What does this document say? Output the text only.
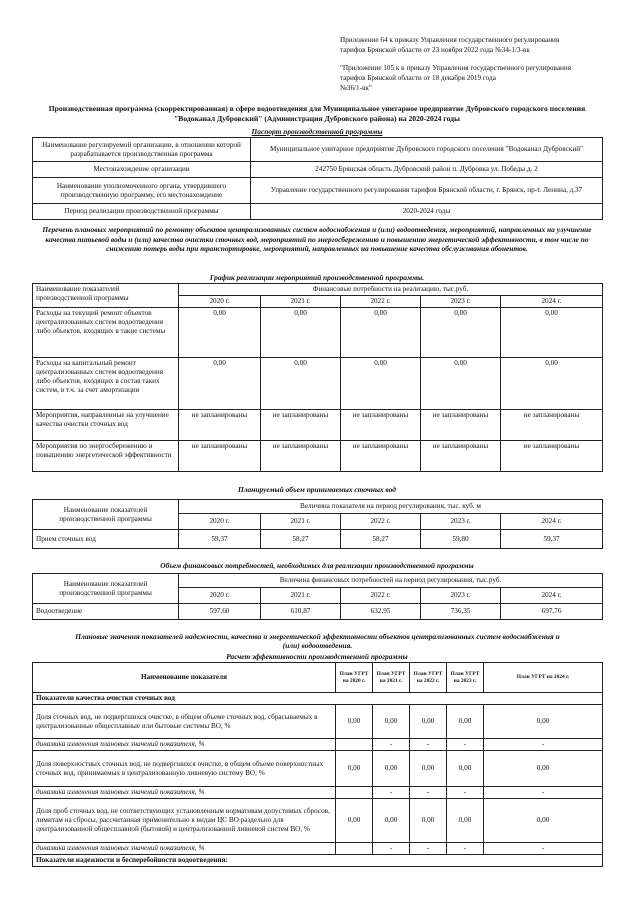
Приложение 64 к приказу Управления государственного регулирования
тарифов Брянской области от 23 ноября 2022 года №34-1/3-вк
"Приложение 105 к к приказу Управления государственного регулирования
тарифов Брянской области от 18 декабря 2019 года
№36/1-вк"
Производственная программа (скорректированная) в сфере водоотведения для Муниципальное унитарное предприятие Дубровского городского поселения "Водоканал Дубровский" (Администрация Дубровского района) на 2020-2024 годы
Паспорт производственной программы
Наименование регулируемой организации, в отношении которой разрабатывается производственная программа	Муниципальное унитарное предприятие Дубровского городского поселения "Водоканал Дубровский"
Местонахождение организации	242750 Брянская область Дубровский район п. Дубровка ул. Победы д. 2
Наименование уполномоченного органа, утвердившего производственную программу, его местонахождение	Управление государственного регулирования тарифов Брянской области, г. Брянск, пр-т. Ленина, д.37
Период реализации производственной программы	2020-2024 годы
Перечень плановых мероприятий по ремонту объектов централизованных систем водоснабжения и (или) водоотведения, мероприятий, направленных на улучшение качества питьевой воды и (или) качества очистки сточных вод, мероприятий по энергосбережению и повышению энергетической эффективности, в том числе по снижению потерь воды при транспортировке, мероприятий, направленных на повышение качества обслуживания абонентов.
График реализации мероприятий производственной программы.
Наименование показателей производственной программы	Финансовые потребности на реализацию, тыс.руб.				
	2020 г.	2021 г.	2022 г.	2023 г.	2024 г.
Расходы на текущий ремонт объектов централизованных систем водоотведения либо объектов, входящих в такие системы	0,00	0,00	0,00	0,00	0,00
Расходы на капитальный ремонт централизованных систем водоотведения либо объектов, входящих в состав таких систем, в т.ч. за счет амортизации	0,00	0,00	0,00	0,00	0,00
Мероприятия, направленные на улучшение качества очистки сточных вод	не запланированы	не запланированы	не запланированы	не запланированы	не запланированы
Мероприятия по энергосбережению и повышению энергетической эффективности	не запланированы	не запланированы	не запланированы	не запланированы	не запланированы
Планируемый объем принимаемых сточных вод
Наименование показателей производственной программы	Величина показателя на период регулирования, тыс. куб. м				
	2020 г.	2021 г.	2022 г.	2023 г.	2024 г.
Прием сточных вод	59,37	58,27	58,27	59,80	59,37
Объем финансовых потребностей, необходимых для реализации производственной программы
Наименование показателей производственной программы	Величина финансовых потребностей на период регулирования, тыс.руб.				
	2020 г.	2021 г.	2022 г.	2023 г.	2024 г.
Водоотведение	597,60	610,87	632,95	736,35	697,76
Плановые значения показателей надежности, качества и энергетической эффективности объектов централизованных систем водоснабжения и (или) водоотведения.
Расчет эффективности производственной программы
Наименование показателя	План УГРТ на 2020 г.	План УГРТ на 2021 г.	План УГРТ на 2022 г.	План УГРТ на 2023 г.	План УГРТ на 2024 г.
Показатели качества очистки сточных вод					
Доля сточных вод, не подвергшихся очистке, в общем объеме сточных вод, сбрасываемых в централизованные общесплавные или бытовые системы ВО, %	0,00	0,00	0,00	0,00	0,00
динамика изменения плановых значений показателя, %		-	-	-	-
Доля поверхностных сточных вод, не подвергшихся очистке, в общем объеме поверхностных сточных вод, принимаемых в централизованную ливневую систему ВО, %	0,00	0,00	0,00	0,00	0,00
динамика изменения плановых значений показателя, %		-	-	-	-
Доля проб сточных вод, не соответствующих установленным нормативам допустимых сбросов, лимитам на сбросы, рассчитанная применительно к видам ЦС ВО раздельно для централизованной общесплавной (бытовой) и централизованной ливневой систем ВО, %	0,00	0,00	0,00	0,00	0,00
динамика изменения плановых значений показателя, %		-	-	-	-
Показатели надежности и бесперебойности водоотведения:					
